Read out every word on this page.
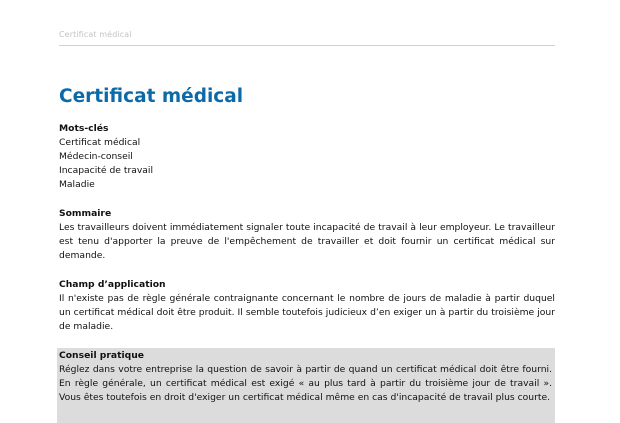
Certificat médical
Certificat médical
Mots-clés
Certificat médical
Médecin-conseil
Incapacité de travail
Maladie
Sommaire

Les travailleurs doivent immédiatement signaler toute incapacité de travail à leur employeur. Le travailleur est tenu d'apporter la preuve de l'empêchement de travailler et doit fournir un certificat médical sur demande.

Champ d’application

Il n'existe pas de règle générale contraignante concernant le nombre de jours de maladie à partir duquel un certificat médical doit être produit. Il semble toutefois judicieux d’en exiger un à partir du troisième jour de maladie.

Conseil pratique

Réglez dans votre entreprise la question de savoir à partir de quand un certificat médical doit être fourni. En règle générale, un certificat médical est exigé « au plus tard à partir du troisième jour de travail ». Vous êtes toutefois en droit d'exiger un certificat médical même en cas d'incapacité de travail plus courte.
